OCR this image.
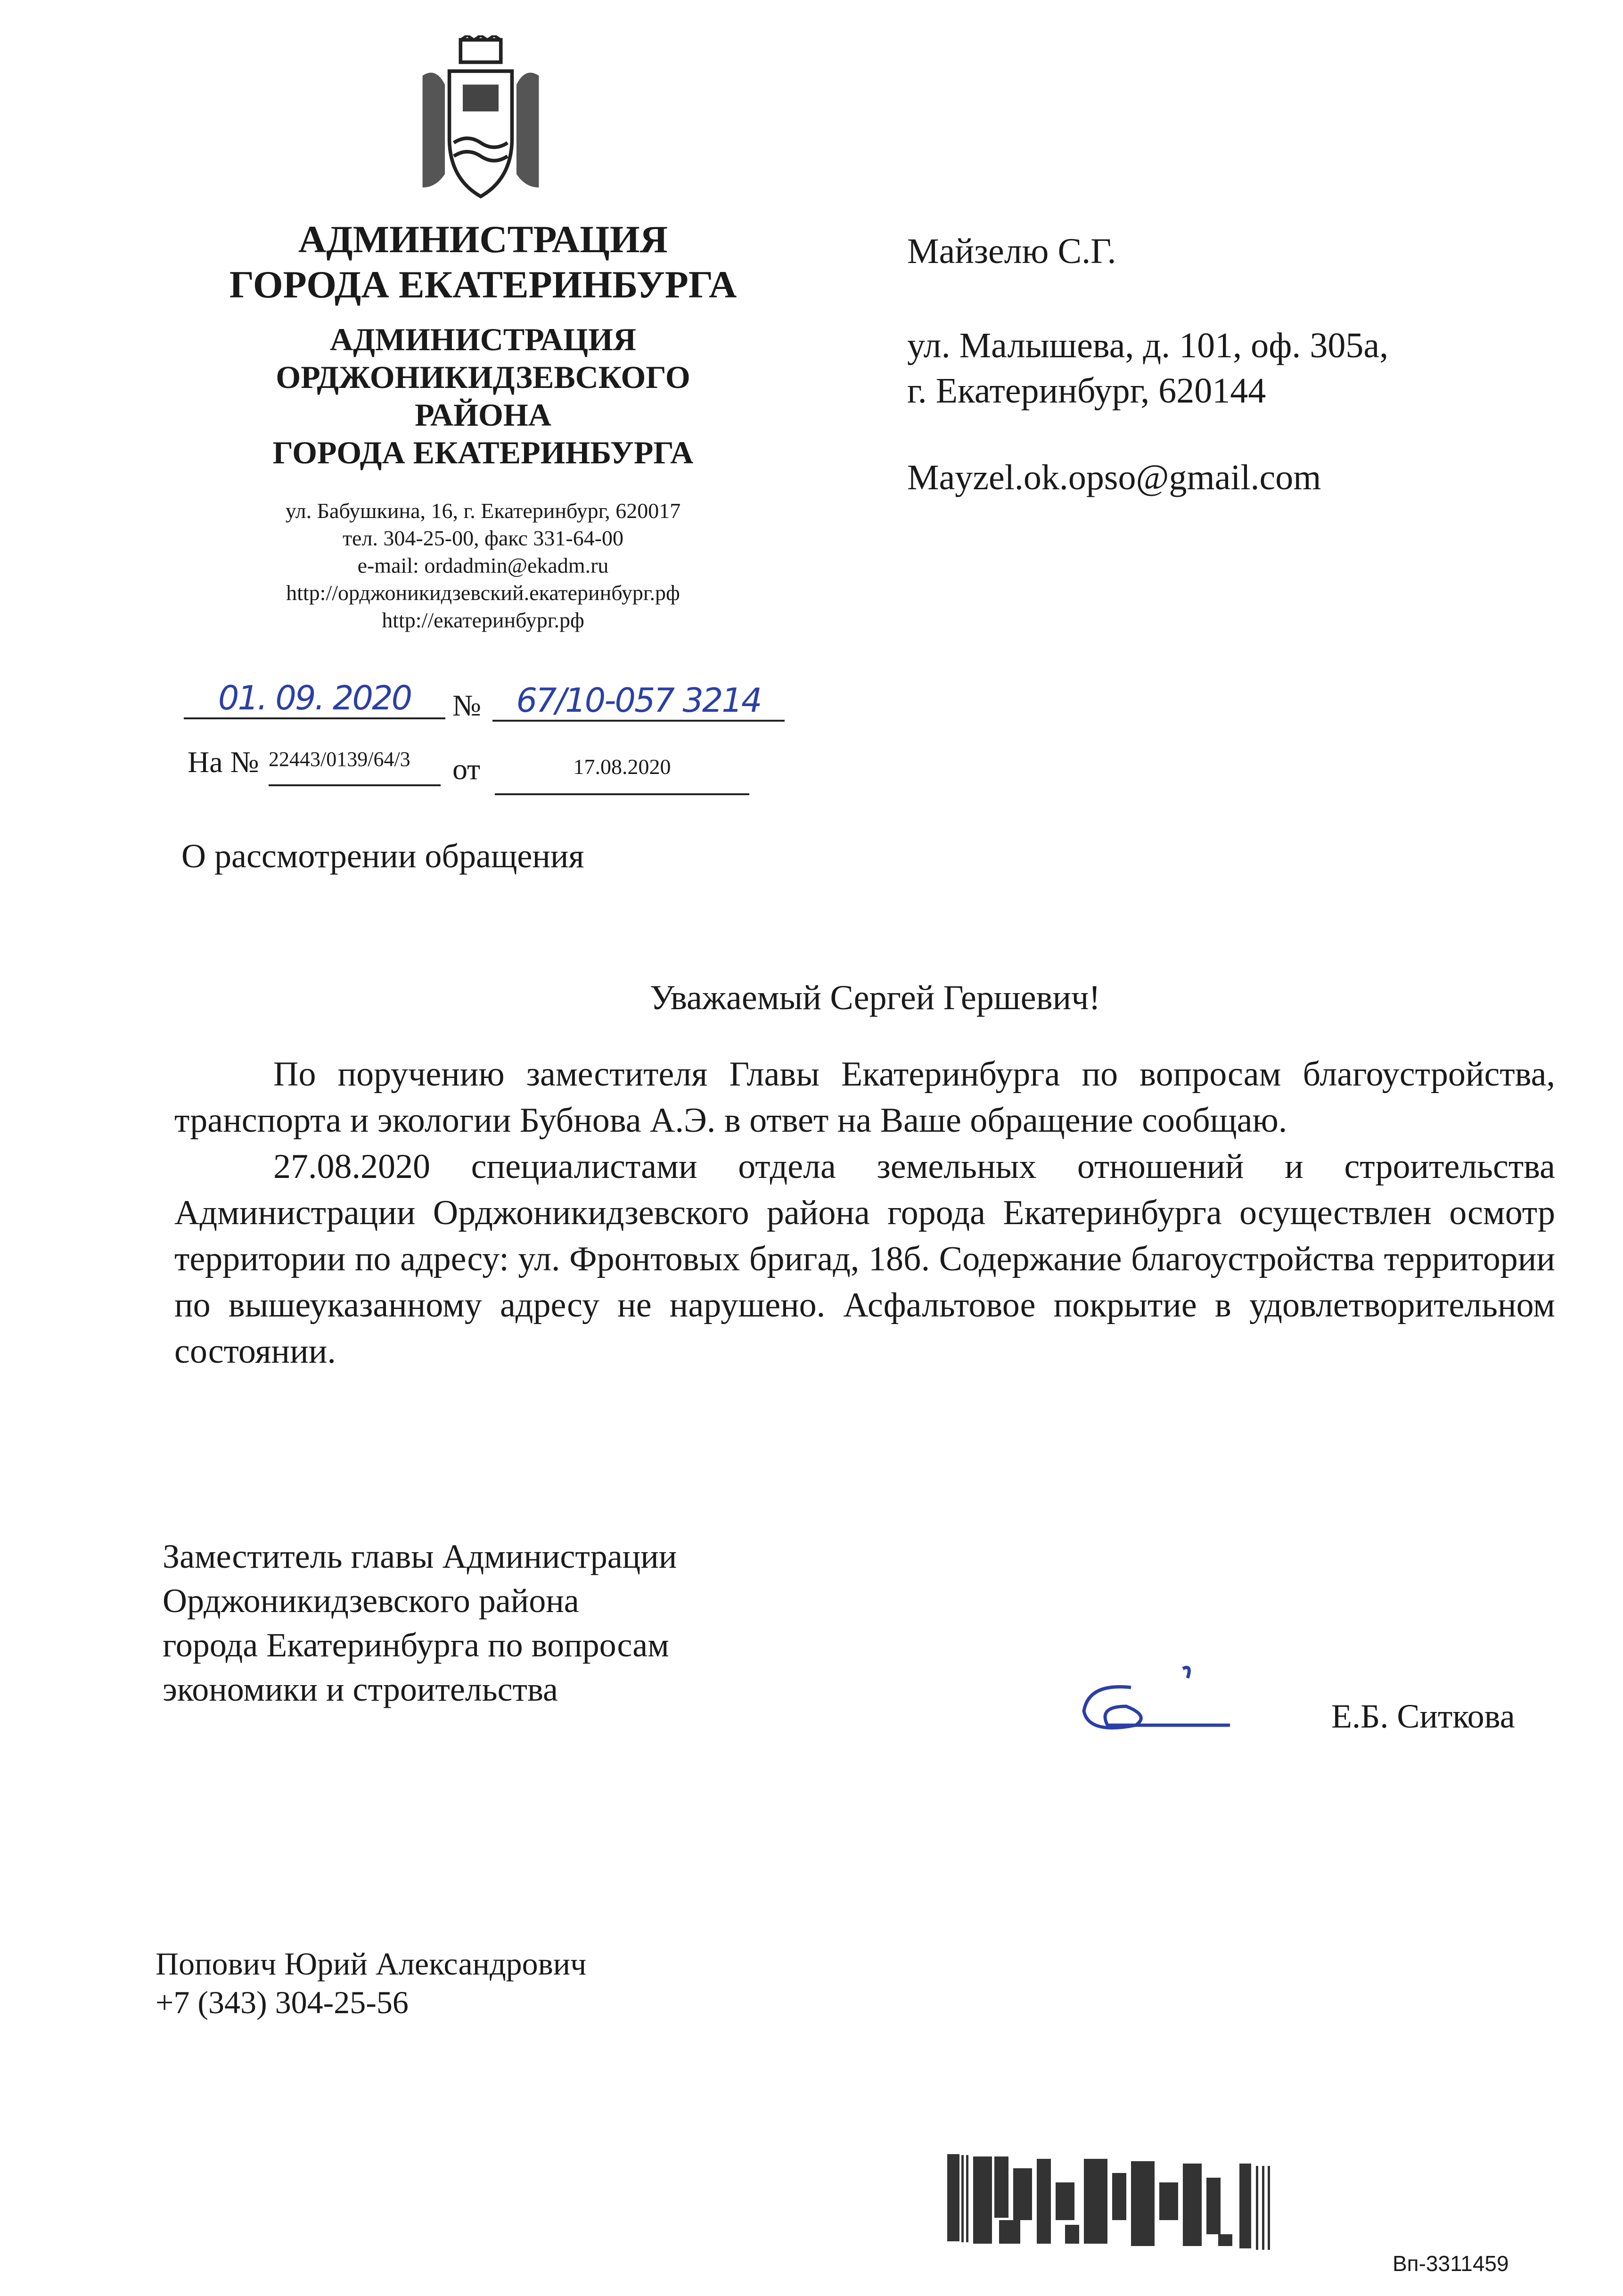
АДМИНИСТРАЦИЯ
ГОРОДА ЕКАТЕРИНБУРГА
АДМИНИСТРАЦИЯ
ОРДЖОНИКИДЗЕВСКОГО
РАЙОНА
ГОРОДА ЕКАТЕРИНБУРГА
ул. Бабушкина, 16, г. Екатеринбург, 620017
тел. 304-25-00, факс 331-64-00
e-mail: ordadmin@ekadm.ru
http://орджоникидзевский.екатеринбург.рф
http://екатеринбург.рф
01. 09. 2020	№	67/10-057 3214
На № 22443/0139/64/3	от	17.08.2020
Майзелю С.Г.
ул. Малышева, д. 101, оф. 305а,
г. Екатеринбург, 620144
Mayzel.ok.opso@gmail.com
О рассмотрении обращения
Уважаемый Сергей Гершевич!

По поручению заместителя Главы Екатеринбурга по вопросам благоустройства, транспорта и экологии Бубнова А.Э. в ответ на Ваше обращение сообщаю.

27.08.2020 специалистами отдела земельных отношений и строительства Администрации Орджоникидзевского района города Екатеринбурга осуществлен осмотр территории по адресу: ул. Фронтовых бригад, 18б. Содержание благоустройства территории по вышеуказанному адресу не нарушено. Асфальтовое покрытие в удовлетворительном состоянии.

Заместитель главы Администрации
Орджоникидзевского района
города Екатеринбурга по вопросам
экономики и строительства
Е.Б. Ситкова
Попович Юрий Александрович
+7 (343) 304-25-56
Вп-3311459
